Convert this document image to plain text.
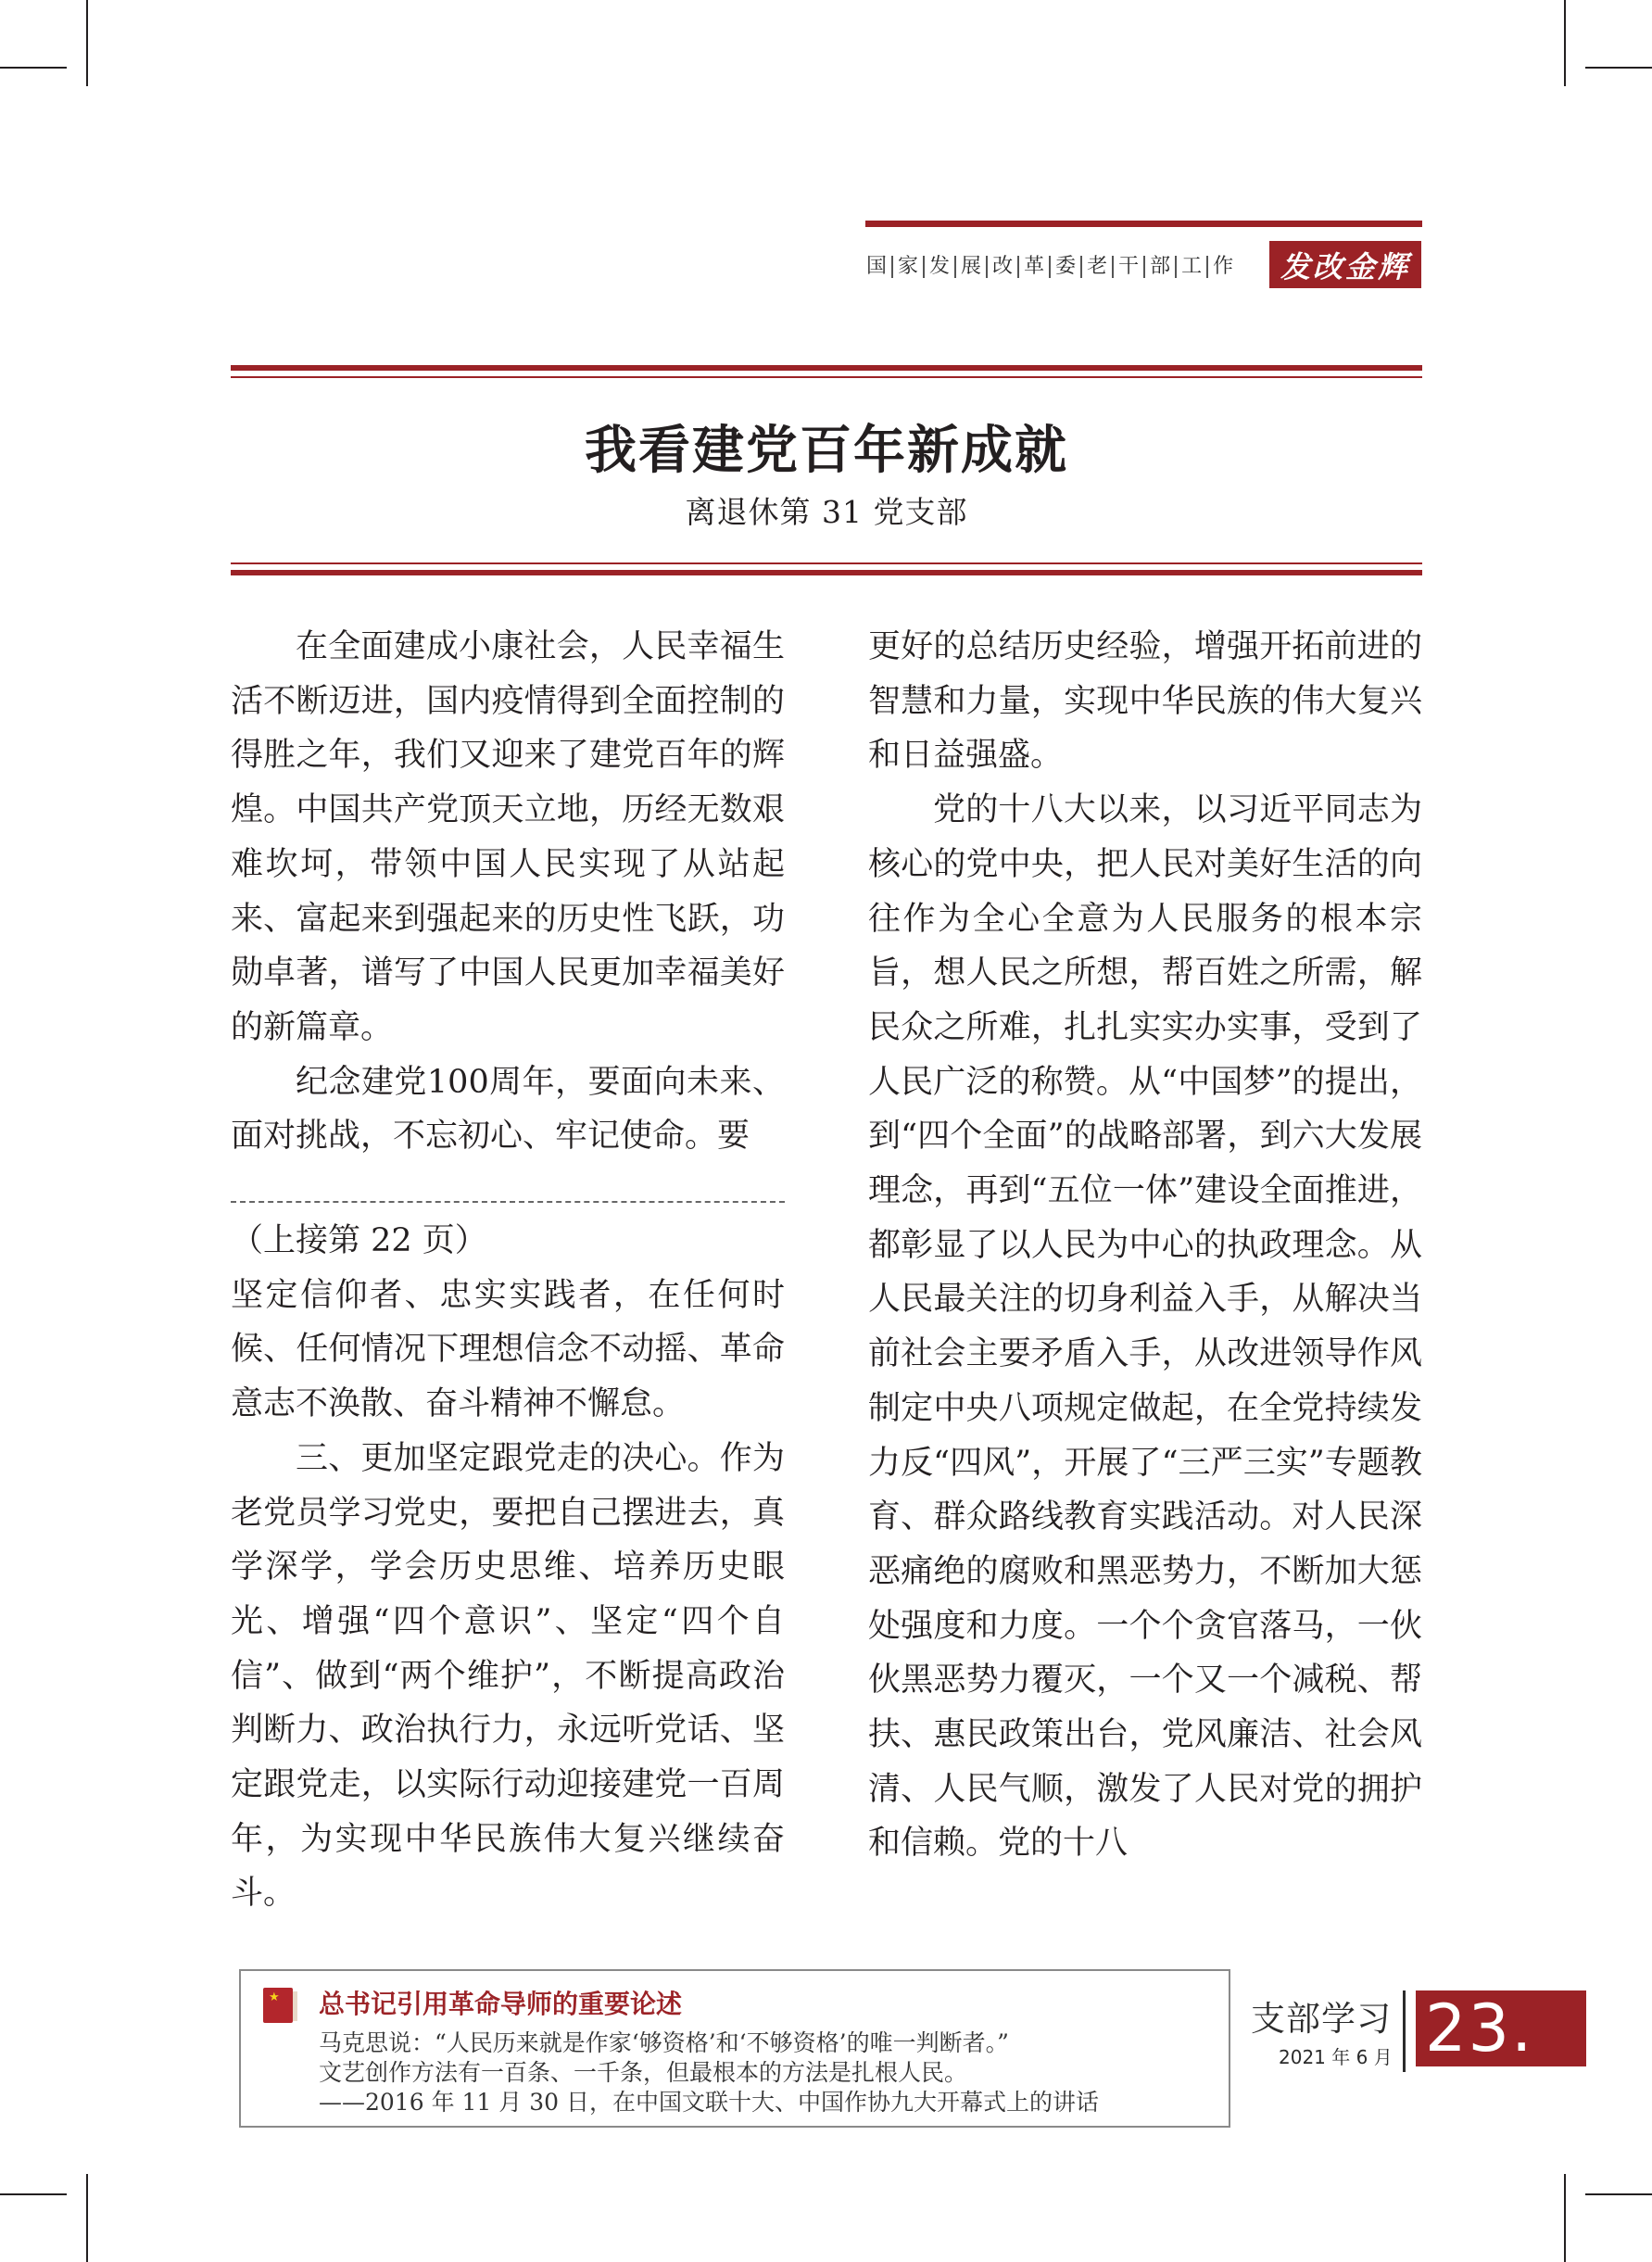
国 家 发 展 改 革 委 老 干 部 工 作	发改金辉
我看建党百年新成就
离退休第 31 党支部

在全面建成小康社会，人民幸福生活不断迈进，国内疫情得到全面控制的得胜之年，我们又迎来了建党百年的辉煌。中国共产党顶天立地，历经无数艰难坎坷，带领中国人民实现了从站起来、富起来到强起来的历史性飞跃，功勋卓著，谱写了中国人民更加幸福美好的新篇章。

纪念建党100周年，要面向未来、面对挑战，不忘初心、牢记使命。要

（上接第 22 页）

坚定信仰者、忠实实践者，在任何时候、任何情况下理想信念不动摇、革命意志不涣散、奋斗精神不懈怠。

三、更加坚定跟党走的决心。作为老党员学习党史，要把自己摆进去，真学深学，学会历史思维、培养历史眼光、增强“四个意识”、坚定“四个自信”、做到“两个维护”，不断提高政治判断力、政治执行力，永远听党话、坚定跟党走，以实际行动迎接建党一百周年，为实现中华民族伟大复兴继续奋斗。

更好的总结历史经验，增强开拓前进的智慧和力量，实现中华民族的伟大复兴和日益强盛。

党的十八大以来，以习近平同志为核心的党中央，把人民对美好生活的向往作为全心全意为人民服务的根本宗旨，想人民之所想，帮百姓之所需，解民众之所难，扎扎实实办实事，受到了人民广泛的称赞。从“中国梦”的提出，到“四个全面”的战略部署，到六大发展理念，再到“五位一体”建设全面推进，都彰显了以人民为中心的执政理念。从人民最关注的切身利益入手，从解决当前社会主要矛盾入手，从改进领导作风制定中央八项规定做起，在全党持续发力反“四风”，开展了“三严三实”专题教育、群众路线教育实践活动。对人民深恶痛绝的腐败和黑恶势力，不断加大惩处强度和力度。一个个贪官落马，一伙伙黑恶势力覆灭，一个又一个减税、帮扶、惠民政策出台，党风廉洁、社会风清、人民气顺，激发了人民对党的拥护和信赖。党的十八

★ 总书记引用革命导师的重要论述
马克思说：“人民历来就是作家‘够资格’和‘不够资格’的唯一判断者。”
文艺创作方法有一百条、一千条，但最根本的方法是扎根人民。
——2016 年 11 月 30 日，在中国文联十大、中国作协九大开幕式上的讲话
支部学习
2021 年 6 月 23.
